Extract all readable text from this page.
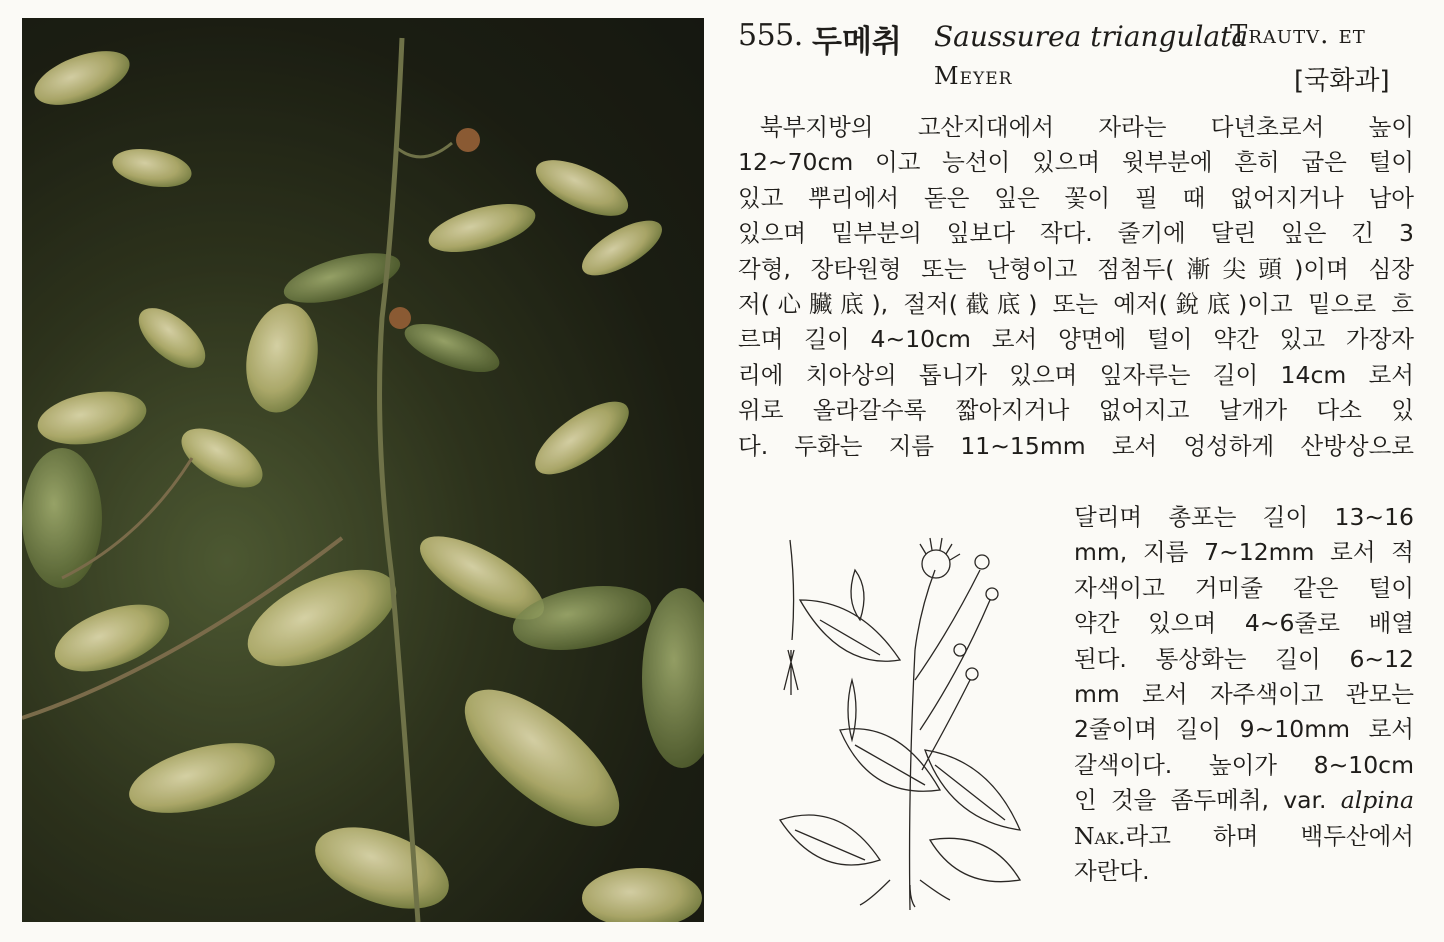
555. 두메취 Saussurea triangulata
Trautv. et
Meyer	[국화과]
북부지방의 고산지대에서 자라는 다년초로서 높이
12∼70cm 이고 능선이 있으며 윗부분에 흔히 굽은 털이
있고 뿌리에서 돋은 잎은 꽃이 필 때 없어지거나 남아
있으며 밑부분의 잎보다 작다. 줄기에 달린 잎은 긴 3
각형, 장타원형 또는 난형이고 점첨두(漸尖頭)이며 심장
저(心臟底), 절저(截底) 또는 예저(銳底)이고 밑으로 흐
르며 길이 4∼10cm 로서 양면에 털이 약간 있고 가장자
리에 치아상의 톱니가 있으며 잎자루는 길이 14cm 로서
위로 올라갈수록 짧아지거나 없어지고 날개가 다소 있
다. 두화는 지름 11∼15mm 로서 엉성하게 산방상으로
달리며 총포는 길이 13∼16
mm, 지름 7∼12mm 로서 적
자색이고 거미줄 같은 털이
약간 있으며 4∼6줄로 배열
된다. 통상화는 길이 6∼12
mm 로서 자주색이고 관모는
2줄이며 길이 9∼10mm 로서
갈색이다. 높이가 8∼10cm
인 것을 좀두메취, var. alpina
Nak.라고 하며 백두산에서
자란다.
